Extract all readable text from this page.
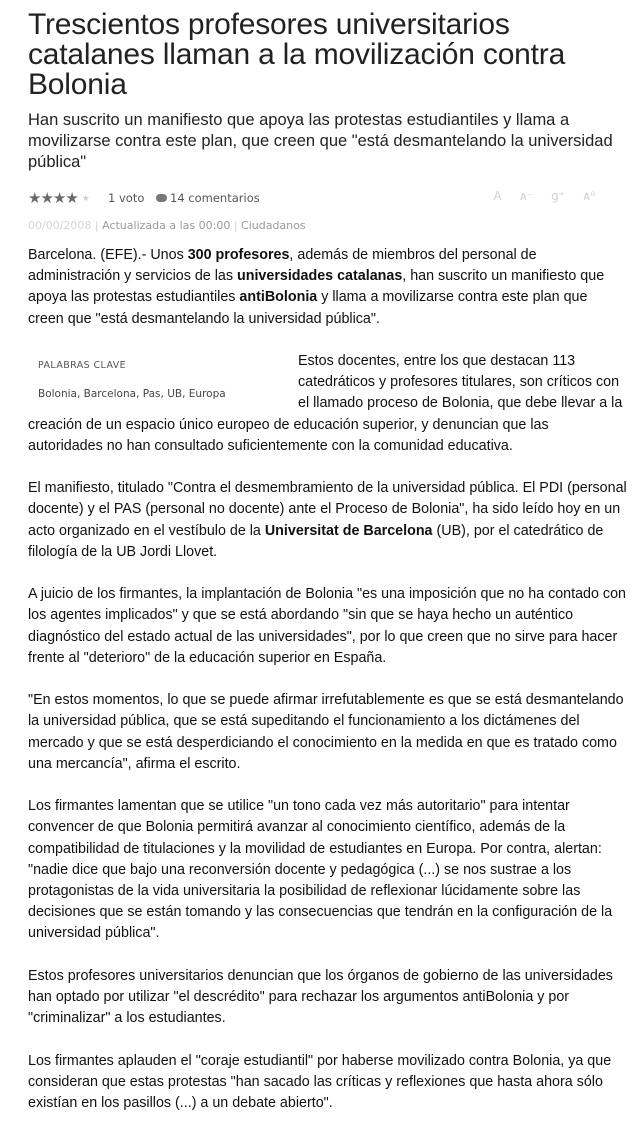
Trescientos profesores universitarios catalanes llaman a la movilización contra Bolonia

Han suscrito un manifiesto que apoya las protestas estudiantiles y llama a movilizarse contra este plan, que creen que "está desmantelando la universidad pública"

★★★★ ★ 1 voto	14 comentarios	A ᴀ⁻ g⁺ ᴀ⁰
00/00/2008 | Actualizada a las 00:00 | Ciudadanos

Barcelona. (EFE).- Unos 300 profesores, además de miembros del personal de administración y servicios de las universidades catalanas, han suscrito un manifiesto que apoya las protestas estudiantiles antiBolonia y llama a movilizarse contra este plan que creen que "está desmantelando la universidad pública".

PALABRAS CLAVE
Bolonia, Barcelona, Pas, UB, Europa

Estos docentes, entre los que destacan 113 catedráticos y profesores titulares, son críticos con el llamado proceso de Bolonia, que debe llevar a la creación de un espacio único europeo de educación superior, y denuncian que las autoridades no han consultado suficientemente con la comunidad educativa.

El manifiesto, titulado "Contra el desmembramiento de la universidad pública. El PDI (personal docente) y el PAS (personal no docente) ante el Proceso de Bolonia", ha sido leído hoy en un acto organizado en el vestíbulo de la Universitat de Barcelona (UB), por el catedrático de filología de la UB Jordi Llovet.

A juicio de los firmantes, la implantación de Bolonia "es una imposición que no ha contado con los agentes implicados" y que se está abordando "sin que se haya hecho un auténtico diagnóstico del estado actual de las universidades", por lo que creen que no sirve para hacer frente al "deterioro" de la educación superior en España.

"En estos momentos, lo que se puede afirmar irrefutablemente es que se está desmantelando la universidad pública, que se está supeditando el funcionamiento a los dictámenes del mercado y que se está desperdiciando el conocimiento en la medida en que es tratado como una mercancía", afirma el escrito.

Los firmantes lamentan que se utilice "un tono cada vez más autoritario" para intentar convencer de que Bolonia permitirá avanzar al conocimiento científico, además de la compatibilidad de titulaciones y la movilidad de estudiantes en Europa. Por contra, alertan: "nadie dice que bajo una reconversión docente y pedagógica (...) se nos sustrae a los protagonistas de la vida universitaria la posibilidad de reflexionar lúcidamente sobre las decisiones que se están tomando y las consecuencias que tendrán en la configuración de la universidad pública".

Estos profesores universitarios denuncian que los órganos de gobierno de las universidades han optado por utilizar "el descrédito" para rechazar los argumentos antiBolonia y por "criminalizar" a los estudiantes.

Los firmantes aplauden el "coraje estudiantil" por haberse movilizado contra Bolonia, ya que consideran que estas protestas "han sacado las críticas y reflexiones que hasta ahora sólo existían en los pasillos (...) a un debate abierto".
